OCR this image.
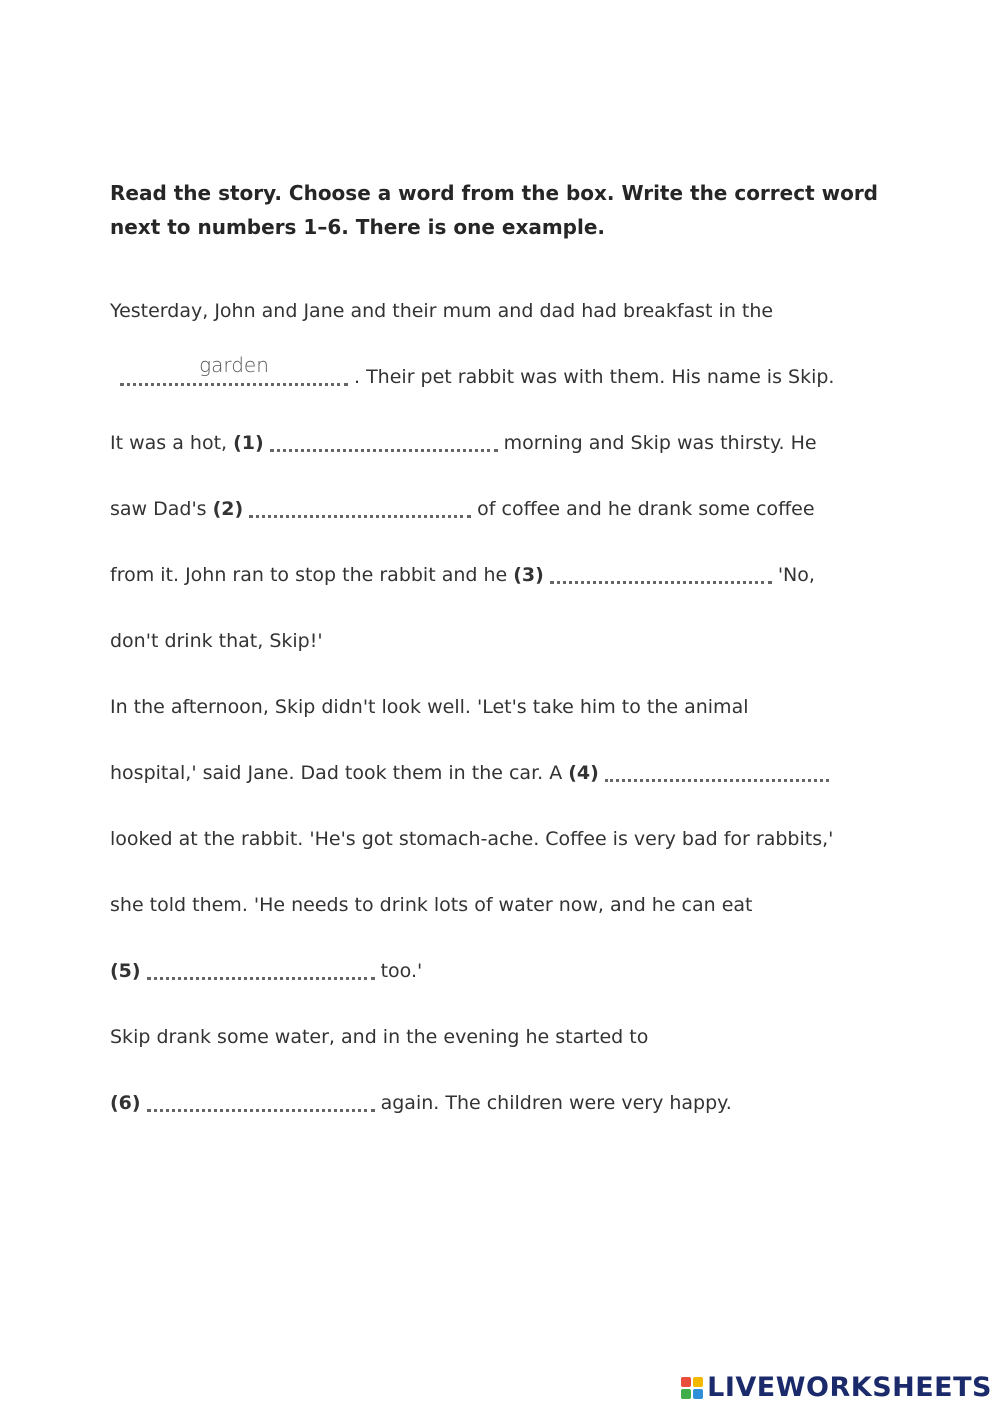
Read the story. Choose a word from the box. Write the correct word next to numbers 1–6. There is one example.

Yesterday, John and Jane and their mum and dad had breakfast in the
garden	. Their pet rabbit was with them. His name is Skip.
It was a hot, (1)	morning and Skip was thirsty. He
saw Dad's (2)	of coffee and he drank some coffee
from it. John ran to stop the rabbit and he (3)	'No,
don't drink that, Skip!'
In the afternoon, Skip didn't look well. 'Let's take him to the animal
hospital,' said Jane. Dad took them in the car. A (4)
looked at the rabbit. 'He's got stomach-ache. Coffee is very bad for rabbits,'
she told them. 'He needs to drink lots of water now, and he can eat
(5)	too.'
Skip drank some water, and in the evening he started to
(6)	again. The children were very happy.
LIVEWORKSHEETS
